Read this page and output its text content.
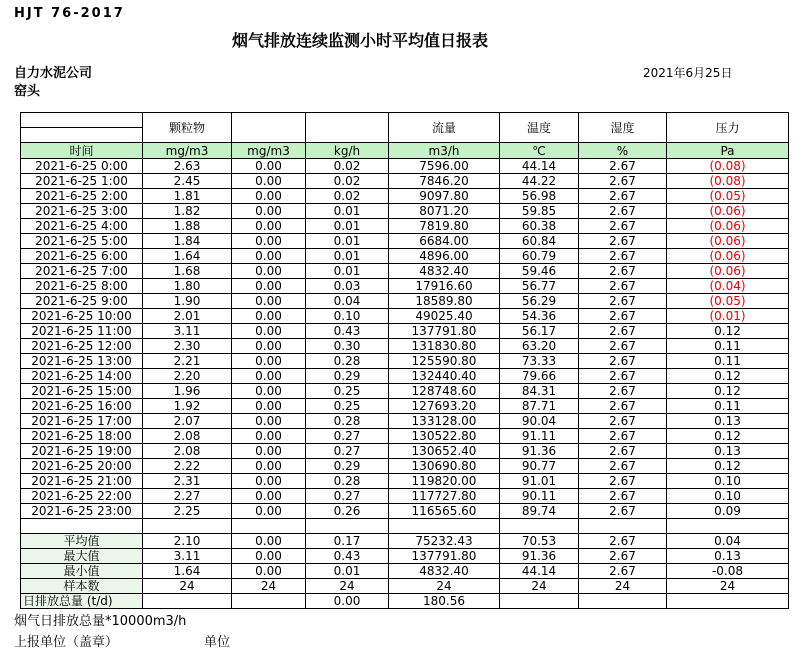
HJT 76-2017
烟气排放连续监测小时平均值日报表
自力水泥公司
窑头
2021年6月25日
	颗粒物			流量	温度	湿度	压力

时间	mg/m3	mg/m3	kg/h	m3/h	℃	%	Pa
2021-6-25 0:00	2.63	0.00	0.02	7596.00	44.14	2.67	(0.08)
2021-6-25 1:00	2.45	0.00	0.02	7846.20	44.22	2.67	(0.08)
2021-6-25 2:00	1.81	0.00	0.02	9097.80	56.98	2.67	(0.05)
2021-6-25 3:00	1.82	0.00	0.01	8071.20	59.85	2.67	(0.06)
2021-6-25 4:00	1.88	0.00	0.01	7819.80	60.38	2.67	(0.06)
2021-6-25 5:00	1.84	0.00	0.01	6684.00	60.84	2.67	(0.06)
2021-6-25 6:00	1.64	0.00	0.01	4896.00	60.79	2.67	(0.06)
2021-6-25 7:00	1.68	0.00	0.01	4832.40	59.46	2.67	(0.06)
2021-6-25 8:00	1.80	0.00	0.03	17916.60	56.77	2.67	(0.04)
2021-6-25 9:00	1.90	0.00	0.04	18589.80	56.29	2.67	(0.05)
2021-6-25 10:00	2.01	0.00	0.10	49025.40	54.36	2.67	(0.01)
2021-6-25 11:00	3.11	0.00	0.43	137791.80	56.17	2.67	0.12
2021-6-25 12:00	2.30	0.00	0.30	131830.80	63.20	2.67	0.11
2021-6-25 13:00	2.21	0.00	0.28	125590.80	73.33	2.67	0.11
2021-6-25 14:00	2.20	0.00	0.29	132440.40	79.66	2.67	0.12
2021-6-25 15:00	1.96	0.00	0.25	128748.60	84.31	2.67	0.12
2021-6-25 16:00	1.92	0.00	0.25	127693.20	87.71	2.67	0.11
2021-6-25 17:00	2.07	0.00	0.28	133128.00	90.04	2.67	0.13
2021-6-25 18:00	2.08	0.00	0.27	130522.80	91.11	2.67	0.12
2021-6-25 19:00	2.08	0.00	0.27	130652.40	91.36	2.67	0.13
2021-6-25 20:00	2.22	0.00	0.29	130690.80	90.77	2.67	0.12
2021-6-25 21:00	2.31	0.00	0.28	119820.00	91.01	2.67	0.10
2021-6-25 22:00	2.27	0.00	0.27	117727.80	90.11	2.67	0.10
2021-6-25 23:00	2.25	0.00	0.26	116565.60	89.74	2.67	0.09

平均值	2.10	0.00	0.17	75232.43	70.53	2.67	0.04
最大值	3.11	0.00	0.43	137791.80	91.36	2.67	0.13
最小值	1.64	0.00	0.01	4832.40	44.14	2.67	-0.08
样本数	24	24	24	24	24	24	24
日排放总量 (t/d)			0.00	180.56			
烟气日排放总量*10000m3/h
上报单位（盖章）	单位
